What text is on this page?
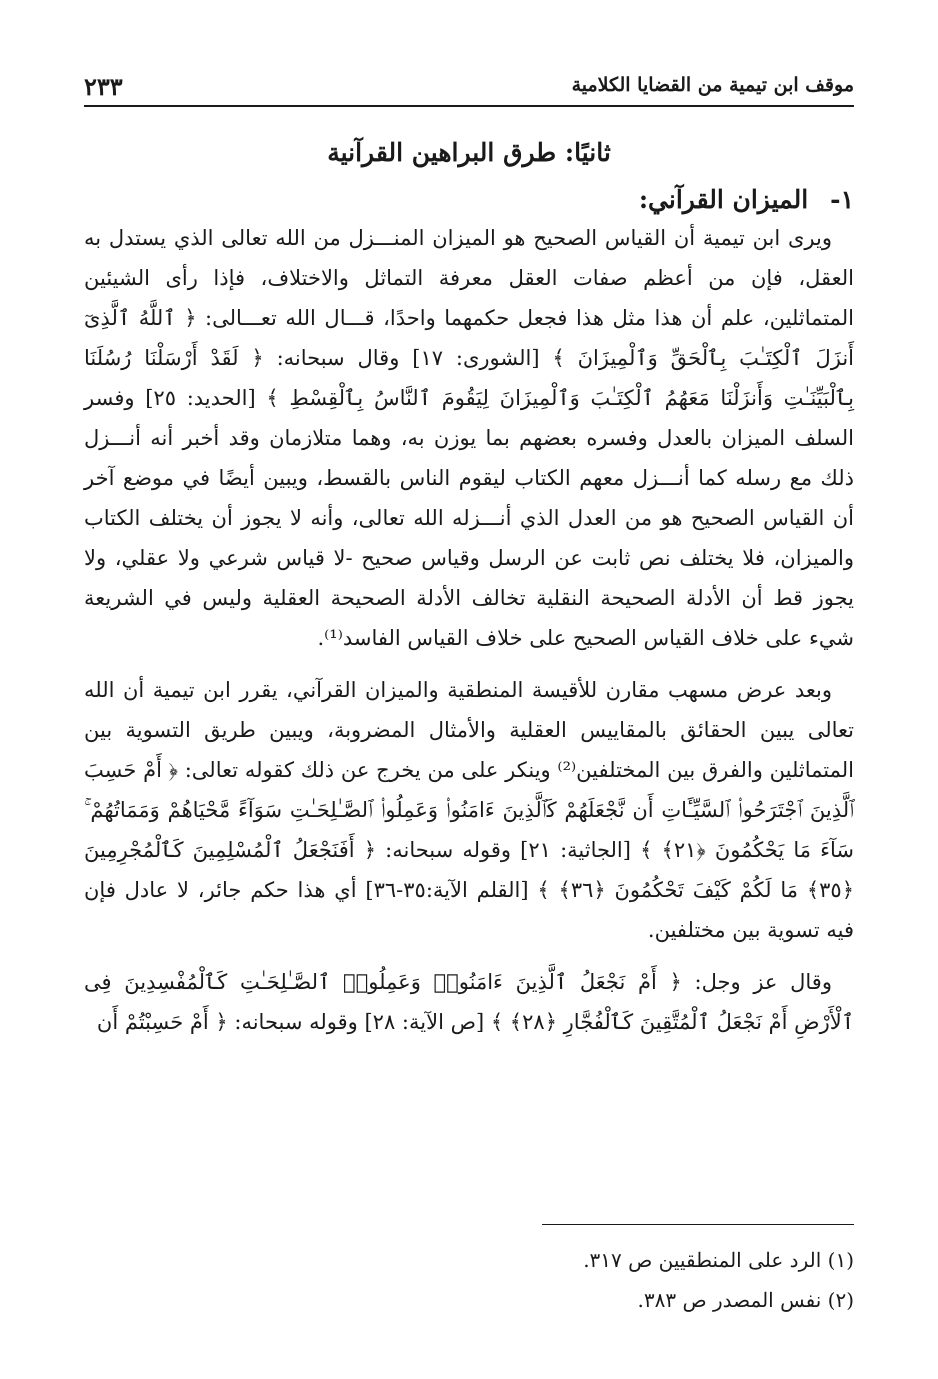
موقف ابن تيمية من القضايا الكلامية
٢٣٣
ثانيًا: طرق البراهين القرآنية
١-الميزان القرآني:

ويرى ابن تيمية أن القياس الصحيح هو الميزان المنـــزل من الله تعالى الذي يستدل به العقل، فإن من أعظم صفات العقل معرفة التماثل والاختلاف، فإذا رأى الشيئين المتماثلين، علم أن هذا مثل هذا فجعل حكمهما واحدًا، قـــال الله تعـــالى: ﴿ ٱللَّهُ ٱلَّذِىٓ أَنزَلَ ٱلْكِتَـٰبَ بِٱلْحَقِّ وَٱلْمِيزَانَ ﴾ [الشورى: ١٧] وقال سبحانه: ﴿ لَقَدْ أَرْسَلْنَا رُسُلَنَا بِٱلْبَيِّنَـٰتِ وَأَنزَلْنَا مَعَهُمُ ٱلْكِتَـٰبَ وَٱلْمِيزَانَ لِيَقُومَ ٱلنَّاسُ بِٱلْقِسْطِ ﴾ [الحديد: ٢٥] وفسر السلف الميزان بالعدل وفسره بعضهم بما يوزن به، وهما متلازمان وقد أخبر أنه أنـــزل ذلك مع رسله كما أنـــزل معهم الكتاب ليقوم الناس بالقسط، ويبين أيضًا في موضع آخر أن القياس الصحيح هو من العدل الذي أنـــزله الله تعالى، وأنه لا يجوز أن يختلف الكتاب والميزان، فلا يختلف نص ثابت عن الرسل وقياس صحيح -لا قياس شرعي ولا عقلي، ولا يجوز قط أن الأدلة الصحيحة النقلية تخالف الأدلة الصحيحة العقلية وليس في الشريعة شيء على خلاف القياس الصحيح على خلاف القياس الفاسد⁽¹⁾.

وبعد عرض مسهب مقارن للأقيسة المنطقية والميزان القرآني، يقرر ابن تيمية أن الله تعالى يبين الحقائق بالمقاييس العقلية والأمثال المضروبة، ويبين طريق التسوية بين المتماثلين والفرق بين المختلفين⁽²⁾ وينكر على من يخرج عن ذلك كقوله تعالى: ﴿ أَمْ حَسِبَ ٱلَّذِينَ ٱجْتَرَحُوا۟ ٱلسَّيِّـَٔاتِ أَن نَّجْعَلَهُمْ كَٱلَّذِينَ ءَامَنُوا۟ وَعَمِلُوا۟ ٱلصَّـٰلِحَـٰتِ سَوَآءً مَّحْيَاهُمْ وَمَمَاتُهُمْ ۚ سَآءَ مَا يَحْكُمُونَ ﴿٢١﴾ ﴾ [الجاثية: ٢١] وقوله سبحانه: ﴿ أَفَنَجْعَلُ ٱلْمُسْلِمِينَ كَٱلْمُجْرِمِينَ ﴿٣٥﴾ مَا لَكُمْ كَيْفَ تَحْكُمُونَ ﴿٣٦﴾ ﴾ [القلم الآية:٣٥-٣٦] أي هذا حكم جائر، لا عادل فإن فيه تسوية بين مختلفين.

وقال عز وجل: ﴿ أَمْ نَجْعَلُ ٱلَّذِينَ ءَامَنُوا۟ وَعَمِلُوا۟ ٱلصَّـٰلِحَـٰتِ كَٱلْمُفْسِدِينَ فِى ٱلْأَرْضِ أَمْ نَجْعَلُ ٱلْمُتَّقِينَ كَٱلْفُجَّارِ ﴿٢٨﴾ ﴾ [ص الآية: ٢٨] وقوله سبحانه: ﴿ أَمْ حَسِبْتُمْ أَن

(١) الرد على المنطقيين ص ٣١٧.

(٢) نفس المصدر ص ٣٨٣.
